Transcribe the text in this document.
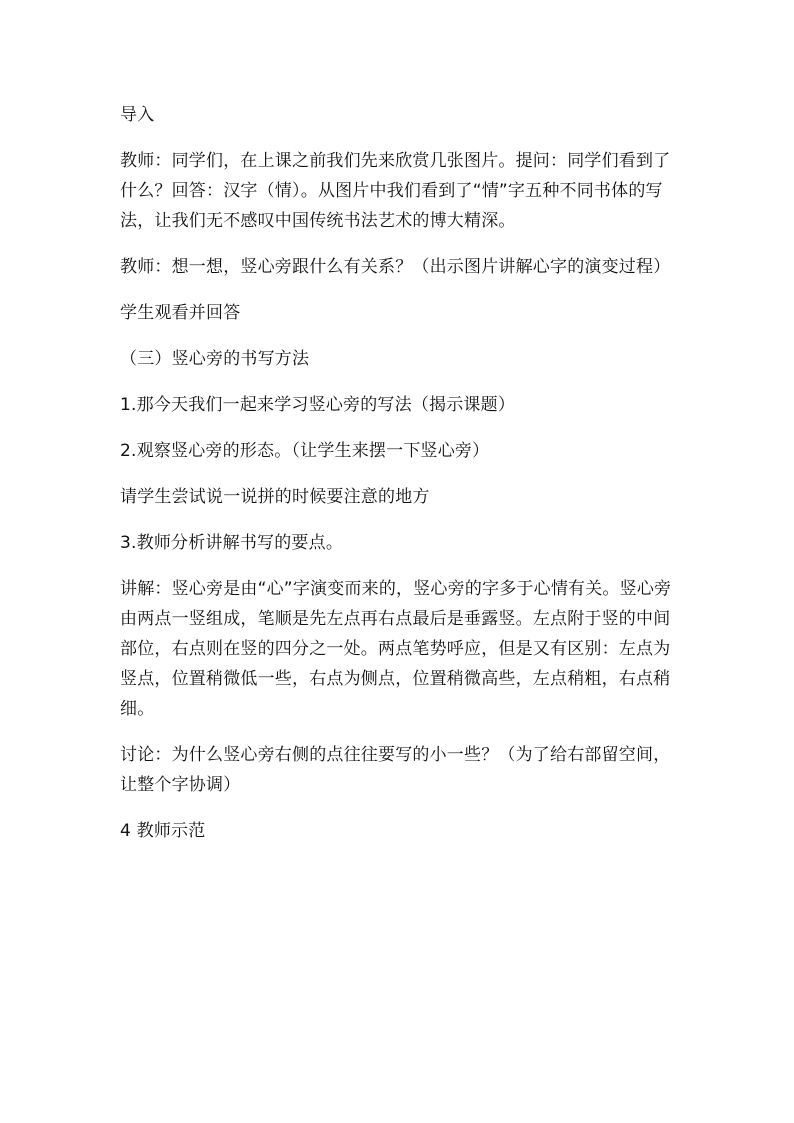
导入

教师：同学们，在上课之前我们先来欣赏几张图片。提问：同学们看到了什么？回答：汉字（情）。从图片中我们看到了“情”字五种不同书体的写法，让我们无不感叹中国传统书法艺术的博大精深。

教师：想一想，竖心旁跟什么有关系？（出示图片讲解心字的演变过程）

学生观看并回答

（三）竖心旁的书写方法

1.那今天我们一起来学习竖心旁的写法（揭示课题）

2.观察竖心旁的形态。（让学生来摆一下竖心旁）

请学生尝试说一说拼的时候要注意的地方

3.教师分析讲解书写的要点。

讲解：竖心旁是由“心”字演变而来的，竖心旁的字多于心情有关。竖心旁由两点一竖组成，笔顺是先左点再右点最后是垂露竖。左点附于竖的中间部位，右点则在竖的四分之一处。两点笔势呼应，但是又有区别：左点为竖点，位置稍微低一些，右点为侧点，位置稍微高些，左点稍粗，右点稍细。

讨论：为什么竖心旁右侧的点往往要写的小一些？（为了给右部留空间，让整个字协调）

4 教师示范
